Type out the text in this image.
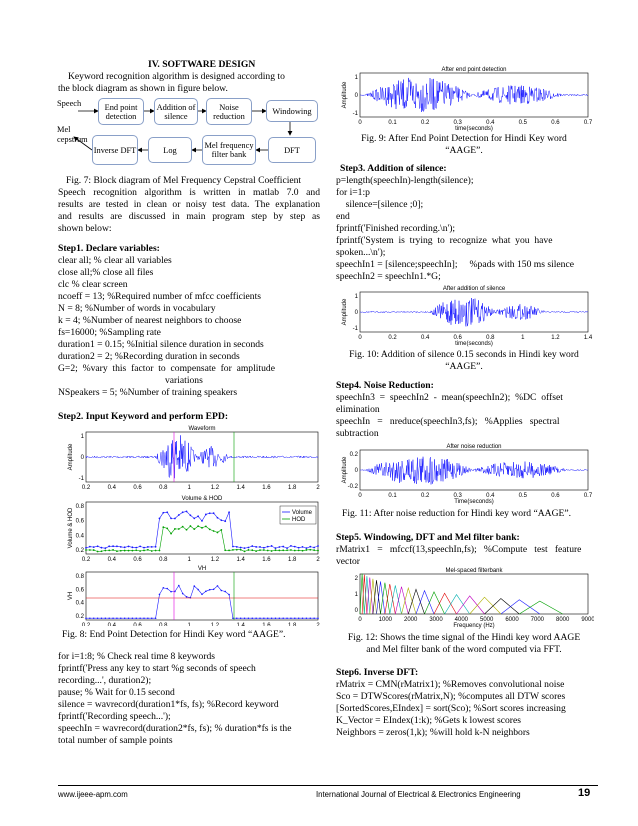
IV. SOFTWARE DESIGN
Keyword recognition algorithm is designed according to
the block diagram as shown in figure below.
Speech
Mel
cepstrum
End point detection
Addition of silence
Noise reduction
Windowing
DFT
Mel frequency filter bank
Log
Inverse DFT
Fig. 7: Block diagram of Mel Frequency Cepstral Coefficient
Speech recognition algorithm is written in matlab 7.0 and
results are tested in clean or noisy test data. The explanation
and results are discussed in main program step by step as
shown below:
Step1. Declare variables:
clear all; % clear all variables
close all;% close all files
clc % clear screen
ncoeff = 13; %Required number of mfcc coefficients
N = 8; %Number of words in vocabulary
k = 4; %Number of nearest neighbors to choose
fs=16000; %Sampling rate
duration1 = 0.15; %Initial silence duration in seconds
duration2 = 2; %Recording duration in seconds
G=2;  %vary  this  factor  to  compensate  for  amplitude
variations
NSpeakers = 5; %Number of training speakers
Step2. Input Keyword and perform EPD:
0.2	0.4	0.6	0.8	1	1.2	1.4	1.6	1.8	2
1
0
-1
Waveform
Amplitude
0.2	0.4	0.6	0.8	1	1.2	1.4	1.6	1.8	2
0.8
0.6
0.4
0.2
Volume & HOD
Volume & HOD	Volume
HOD
0.2	0.4	0.6	0.8	1	1.2	1.4	1.6	1.8	2
0.8
0.6
0.4
0.2
VH
VH
Fig. 8: End Point Detection for Hindi Key word “AAGE”.
for i=1:8; % Check real time 8 keywords
fprintf('Press any key to start %g seconds of speech
recording...', duration2);
pause; % Wait for 0.15 second
silence = wavrecord(duration1*fs, fs); %Record keyword
fprintf('Recording speech...');
speechIn = wavrecord(duration2*fs, fs); % duration*fs is the
total number of sample points
0	0.1	0.2	0.3	0.4	0.5	0.6	0.7
1
0
-1
After end point detection
Amplitude
time(seconds)
Fig. 9: After End Point Detection for Hindi Key word
“AAGE”.
Step3. Addition of silence:
p=length(speechIn)-length(silence);
for i=1:p
silence=[silence ;0];
end
fprintf('Finished recording.\n');
fprintf('System  is  trying  to  recognize  what  you  have
spoken...\n');
speechIn1 = [silence;speechIn];     %pads with 150 ms silence
speechIn2 = speechIn1.*G;
0	0.2	0.4	0.6	0.8	1	1.2	1.4
1
0
-1
After addition of silence
Amplitude
time(seconds)
Fig. 10: Addition of silence 0.15 seconds in Hindi key word
“AAGE”.
Step4. Noise Reduction:
speechIn3  =  speechIn2  -  mean(speechIn2);  %DC  offset
elimination
speechIn   =   nreduce(speechIn3,fs);   %Applies   spectral
subtraction
0	0.1	0.2	0.3	0.4	0.5	0.6	0.7
0.2
0
-0.2
After noise reduction
Amplitude
Time(seconds)
Fig. 11: After noise reduction for Hindi key word “AAGE”.
Step5. Windowing, DFT and Mel filter bank:
rMatrix1   =   mfccf(13,speechIn,fs);   %Compute   test   feature
vector
0	1000 2000 3000 4000 5000 6000 7000 8000 9000
2
1
0
Mel-spaced filterbank
Frequency (Hz)
Fig. 12: Shows the time signal of the Hindi key word AAGE
and Mel filter bank of the word computed via FFT.
Step6. Inverse DFT:
rMatrix = CMN(rMatrix1); %Removes convolutional noise
Sco = DTWScores(rMatrix,N); %computes all DTW scores
[SortedScores,EIndex] = sort(Sco); %Sort scores increasing
K_Vector = EIndex(1:k); %Gets k lowest scores
Neighbors = zeros(1,k); %will hold k-N neighbors
www.ijeee-apm.com	International Journal of Electrical & Electronics Engineering	19
